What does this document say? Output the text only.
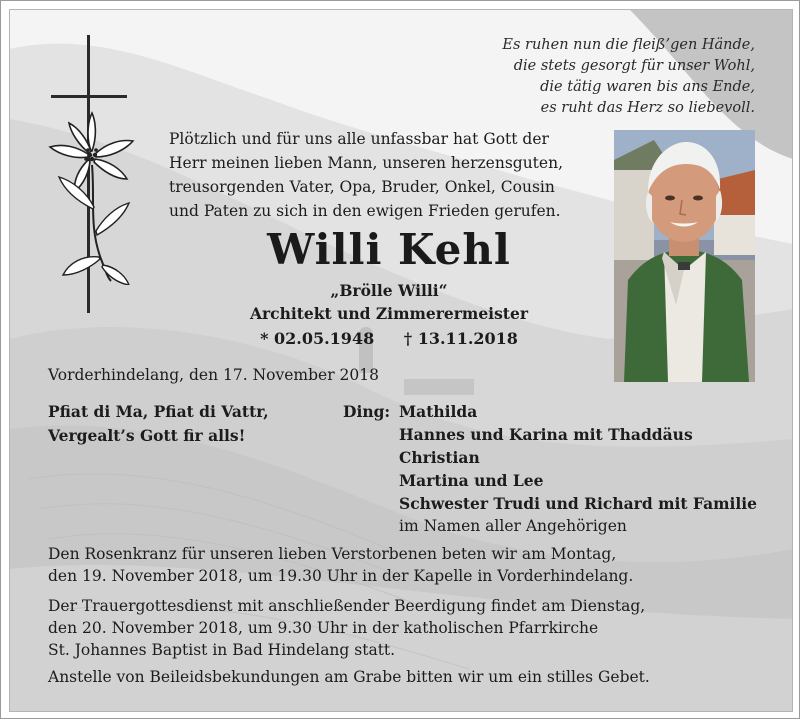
Es ruhen nun die fleiß’gen Hände,
die stets gesorgt für unser Wohl,
die tätig waren bis ans Ende,
es ruht das Herz so liebevoll.
Plötzlich und für uns alle unfassbar hat Gott der
Herr meinen lieben Mann, unseren herzensguten,
treusorgenden Vater, Opa, Bruder, Onkel, Cousin
und Paten zu sich in den ewigen Frieden gerufen.
Willi Kehl
„Brölle Willi“
Architekt und Zimmerermeister
* 02.05.1948 † 13.11.2018
Vorderhindelang, den 17. November 2018
Pfiat di Ma, Pfiat di Vattr,
Vergealt’s Gott fir alls!
Ding: Mathilda
Hannes und Karina mit Thaddäus
Christian
Martina und Lee
Schwester Trudi und Richard mit Familie
im Namen aller Angehörigen
Den Rosenkranz für unseren lieben Verstorbenen beten wir am Montag,
den 19. November 2018, um 19.30 Uhr in der Kapelle in Vorderhindelang.
Der Trauergottesdienst mit anschließender Beerdigung findet am Dienstag,
den 20. November 2018, um 9.30 Uhr in der katholischen Pfarrkirche
St. Johannes Baptist in Bad Hindelang statt.
Anstelle von Beileidsbekundungen am Grabe bitten wir um ein stilles Gebet.
